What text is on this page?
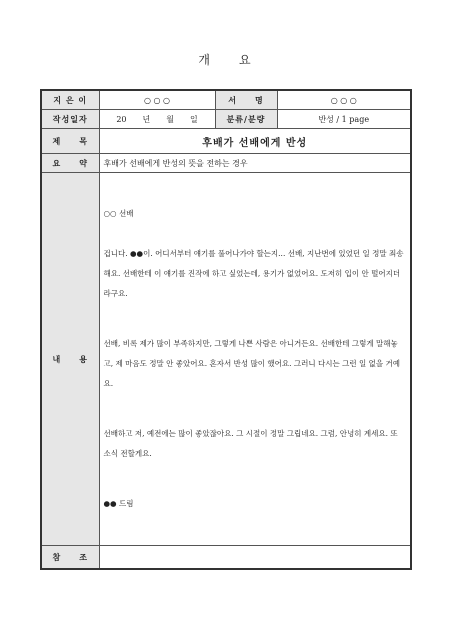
개 요
지 은 이	○ ○ ○	서　　명	○ ○ ○
작성일자	20　　년　　월　　일	분류/분량	반성 / 1 page
제　　목	후배가 선배에게 반성		
요　　약	후배가 선배에게 반성의 뜻을 전하는 경우		
내　　용	○○ 선배

겁니다. ●●이. 어디서부터 얘기를 풀어나가야 할는지... 선배, 지난번에 있었던 일 정말 죄송해요. 선배한테 이 얘기를 진작에 하고 싶었는데, 용기가 없었어요. 도저히 입이 안 떨어지더라구요.

선배, 비록 제가 많이 부족하지만, 그렇게 나쁜 사람은 아니거든요. 선배한테 그렇게 말해놓고, 제 마음도 정말 안 좋았어요. 혼자서 반성 많이 했어요. 그러니 다시는 그런 일 없을 거예요.

선배하고 저, 예전에는 많이 좋았잖아요. 그 시절이 정말 그립네요. 그럼, 안녕히 계세요. 또 소식 전할게요.

●● 드림		

참　　조			
